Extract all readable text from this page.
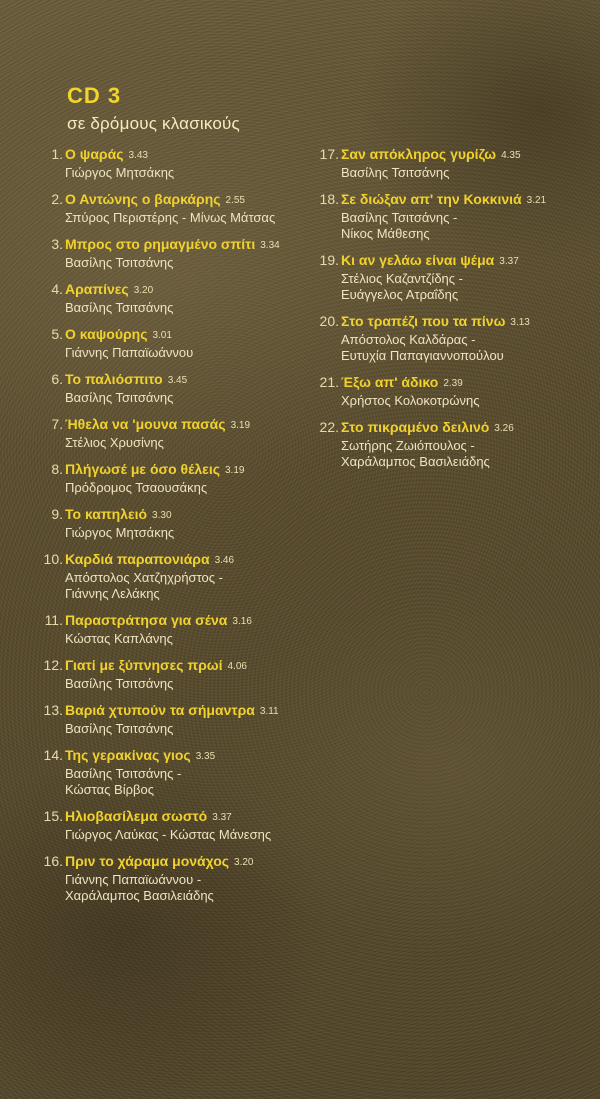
CD 3
σε δρόμους κλασικούς
1. Ο ψαράς 3.43
Γιώργος Μητσάκης
2. Ο Αντώνης ο βαρκάρης 2.55
Σπύρος Περιστέρης - Μίνως Μάτσας
3. Μπρος στο ρημαγμένο σπίτι 3.34
Βασίλης Τσιτσάνης
4. Αραπίνες 3.20
Βασίλης Τσιτσάνης
5. Ο καψούρης 3.01
Γιάννης Παπαϊωάννου
6. Το παλιόσπιτο 3.45
Βασίλης Τσιτσάνης
7. Ήθελα να 'μουνα πασάς 3.19
Στέλιος Χρυσίνης
8. Πλήγωσέ με όσο θέλεις 3.19
Πρόδρομος Τσαουσάκης
9. Το καπηλειό 3.30
Γιώργος Μητσάκης
10. Καρδιά παραπονιάρα 3.46
Απόστολος Χατζηχρήστος -
Γιάννης Λελάκης
11. Παραστράτησα για σένα 3.16
Κώστας Καπλάνης
12. Γιατί με ξύπνησες πρωί 4.06
Βασίλης Τσιτσάνης
13. Βαριά χτυπούν τα σήμαντρα 3.11
Βασίλης Τσιτσάνης
14. Της γερακίνας γιος 3.35
Βασίλης Τσιτσάνης -
Κώστας Βίρβος
15. Ηλιοβασίλεμα σωστό 3.37
Γιώργος Λαύκας - Κώστας Μάνεσης
16. Πριν το χάραμα μονάχος 3.20
Γιάννης Παπαϊωάννου -
Χαράλαμπος Βασιλειάδης
17. Σαν απόκληρος γυρίζω 4.35
Βασίλης Τσιτσάνης
18. Σε διώξαν απ' την Κοκκινιά 3.21
Βασίλης Τσιτσάνης -
Νίκος Μάθεσης
19. Κι αν γελάω είναι ψέμα 3.37
Στέλιος Καζαντζίδης -
Ευάγγελος Ατραΐδης
20. Στο τραπέζι που τα πίνω 3.13
Απόστολος Καλδάρας -
Ευτυχία Παπαγιαννοπούλου
21. Έξω απ' άδικο 2.39
Χρήστος Κολοκοτρώνης
22. Στο πικραμένο δειλινό 3.26
Σωτήρης Ζωιόπουλος -
Χαράλαμπος Βασιλειάδης
